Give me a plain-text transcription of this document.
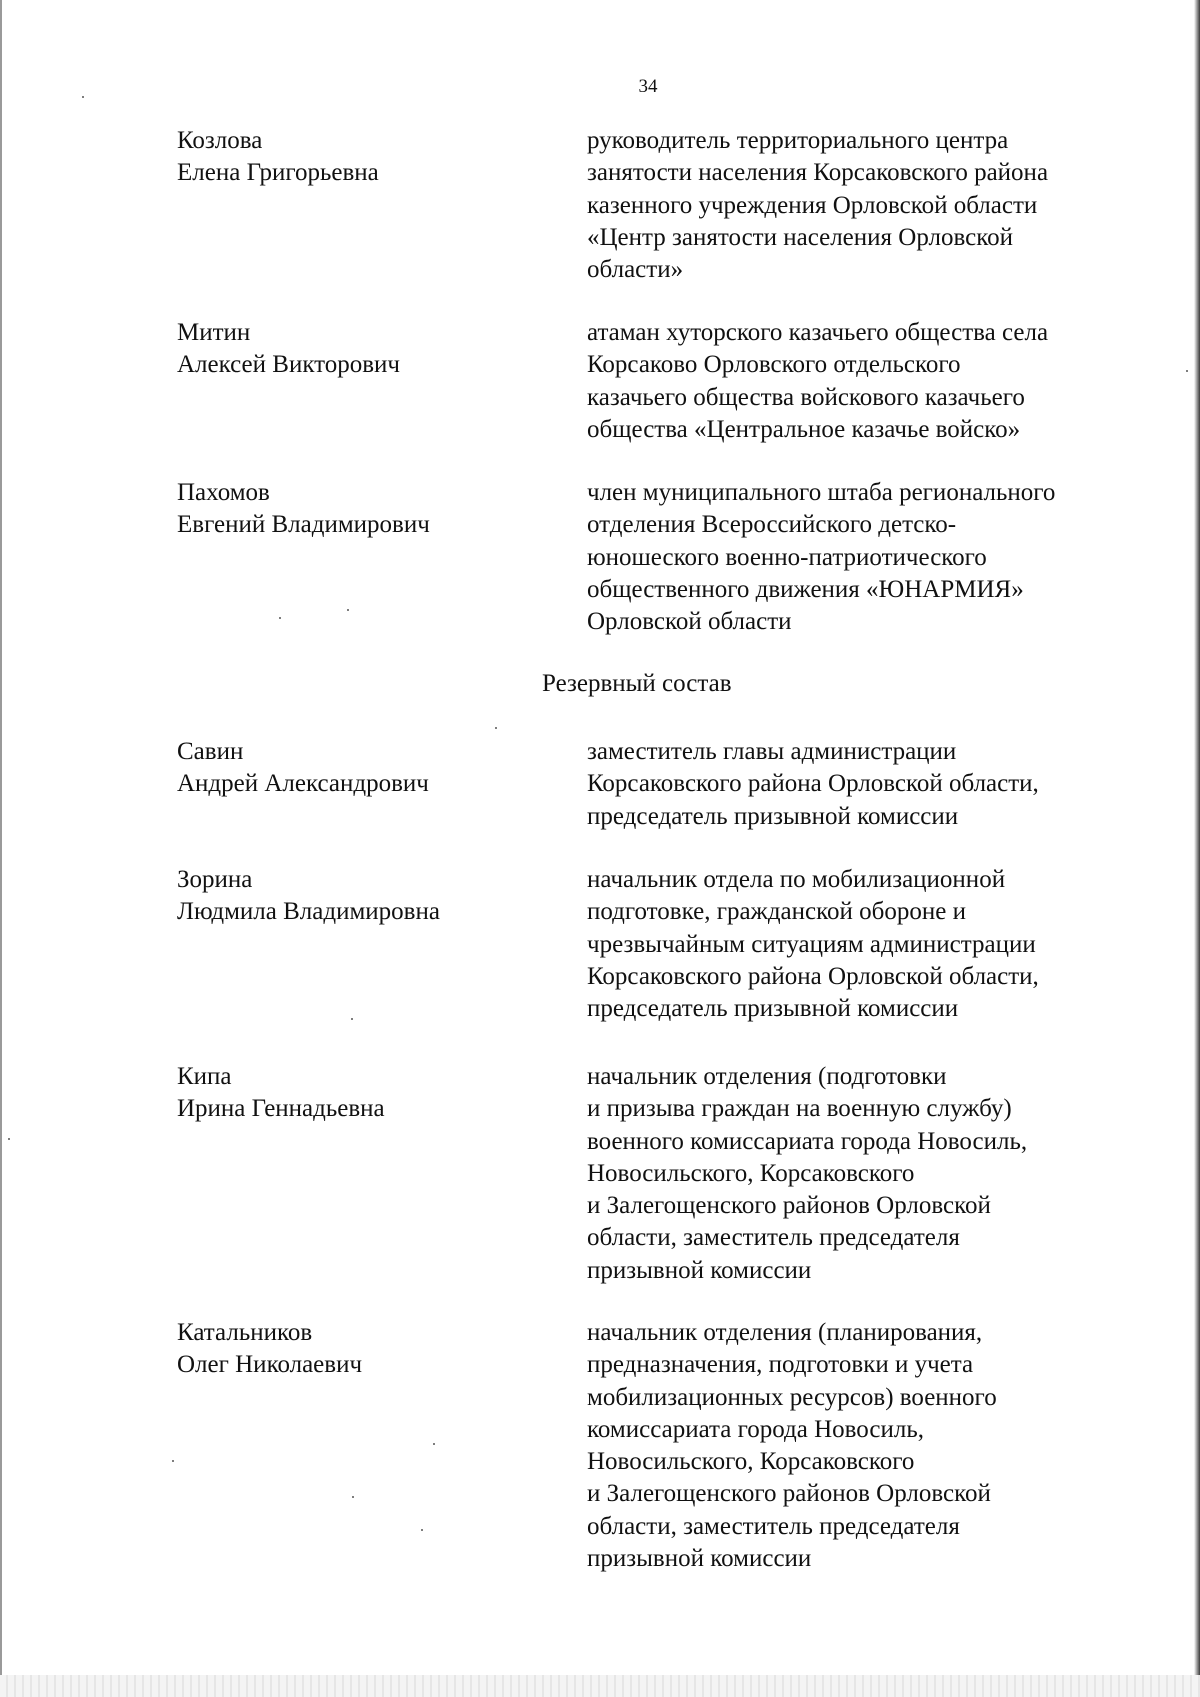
34
Козлова
Елена Григорьевна
руководитель территориального центра
занятости населения Корсаковского района
казенного учреждения Орловской области
«Центр занятости населения Орловской
области»
Митин
Алексей Викторович
атаман хуторского казачьего общества села
Корсаково Орловского отдельского
казачьего общества войскового казачьего
общества «Центральное казачье войско»
Пахомов
Евгений Владимирович
член муниципального штаба регионального
отделения Всероссийского детско-
юношеского военно-патриотического
общественного движения «ЮНАРМИЯ»
Орловской области
Резервный состав
Савин
Андрей Александрович
заместитель главы администрации
Корсаковского района Орловской области,
председатель призывной комиссии
Зорина
Людмила Владимировна
начальник отдела по мобилизационной
подготовке, гражданской обороне и
чрезвычайным ситуациям администрации
Корсаковского района Орловской области,
председатель призывной комиссии
Кипа
Ирина Геннадьевна
начальник отделения (подготовки
и призыва граждан на военную службу)
военного комиссариата города Новосиль,
Новосильского, Корсаковского
и Залегощенского районов Орловской
области, заместитель председателя
призывной комиссии
Катальников
Олег Николаевич
начальник отделения (планирования,
предназначения, подготовки и учета
мобилизационных ресурсов) военного
комиссариата города Новосиль,
Новосильского, Корсаковского
и Залегощенского районов Орловской
области, заместитель председателя
призывной комиссии
